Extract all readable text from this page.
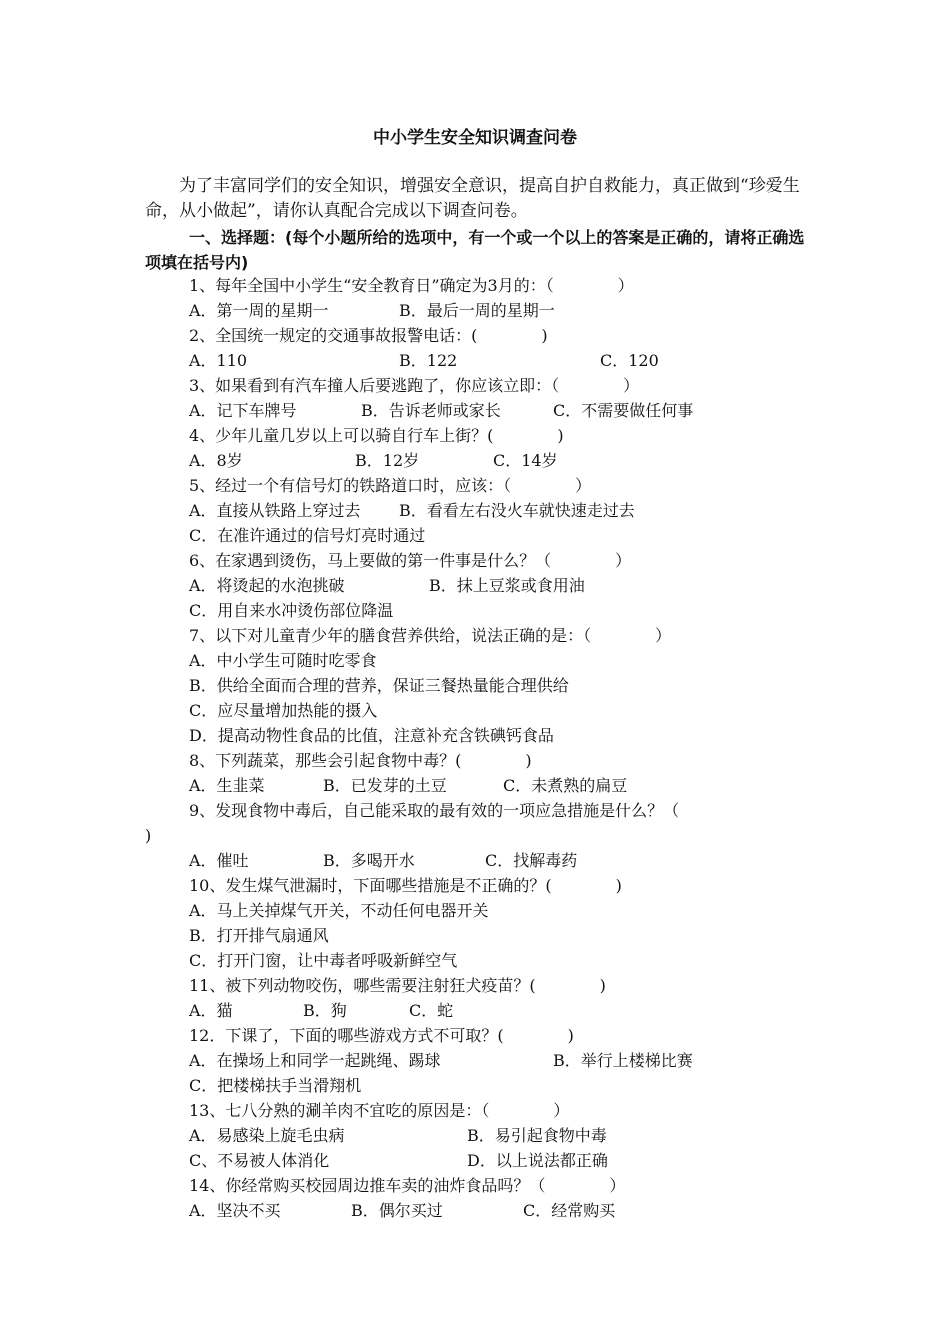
中小学生安全知识调查问卷
为了丰富同学们的安全知识，增强安全意识，提高自护自救能力，真正做到“珍爱生命，从小做起”，请你认真配合完成以下调查问卷。
一、选择题：(每个小题所给的选项中，有一个或一个以上的答案是正确的，请将正确选项填在括号内)
1、每年全国中小学生“安全教育日”确定为3月的：（　　　　）
A．第一周的星期一	B．最后一周的星期一
2、全国统一规定的交通事故报警电话：(　　　　)
A．110	B．122	C．120
3、如果看到有汽车撞人后要逃跑了，你应该立即：（　　　　）
A．记下车牌号	B．告诉老师或家长	C．不需要做任何事
4、少年儿童几岁以上可以骑自行车上街？(　　　　)
A．8岁	B．12岁	C．14岁
5、经过一个有信号灯的铁路道口时，应该：（　　　　）
A．直接从铁路上穿过去 B．看看左右没火车就快速走过去
C．在准许通过的信号灯亮时通过
6、在家遇到烫伤，马上要做的第一件事是什么？（　　　　）
A．将烫起的水泡挑破	B．抹上豆浆或食用油
C．用自来水冲烫伤部位降温
7、以下对儿童青少年的膳食营养供给，说法正确的是：（　　　　）
A．中小学生可随时吃零食
B．供给全面而合理的营养，保证三餐热量能合理供给
C．应尽量增加热能的摄入
D．提高动物性食品的比值，注意补充含铁碘钙食品
8、下列蔬菜，那些会引起食物中毒？(　　　　)
A．生韭菜	B．已发芽的土豆	C．未煮熟的扁豆
9、发现食物中毒后，自己能采取的最有效的一项应急措施是什么？（
)
A．催吐	B．多喝开水	C．找解毒药
10、发生煤气泄漏时，下面哪些措施是不正确的？(　　　　)
A．马上关掉煤气开关，不动任何电器开关
B．打开排气扇通风
C．打开门窗，让中毒者呼吸新鲜空气
11、被下列动物咬伤，哪些需要注射狂犬疫苗？(　　　　)
A．猫	B．狗	C．蛇
12．下课了，下面的哪些游戏方式不可取？(　　　　)
A．在操场上和同学一起跳绳、踢球	B．举行上楼梯比赛
C．把楼梯扶手当滑翔机
13、七八分熟的涮羊肉不宜吃的原因是：（　　　　）
A．易感染上旋毛虫病	B．易引起食物中毒
C、不易被人体消化	D．以上说法都正确
14、你经常购买校园周边推车卖的油炸食品吗？（　　　　）
A．坚决不买	B．偶尔买过	C．经常购买
